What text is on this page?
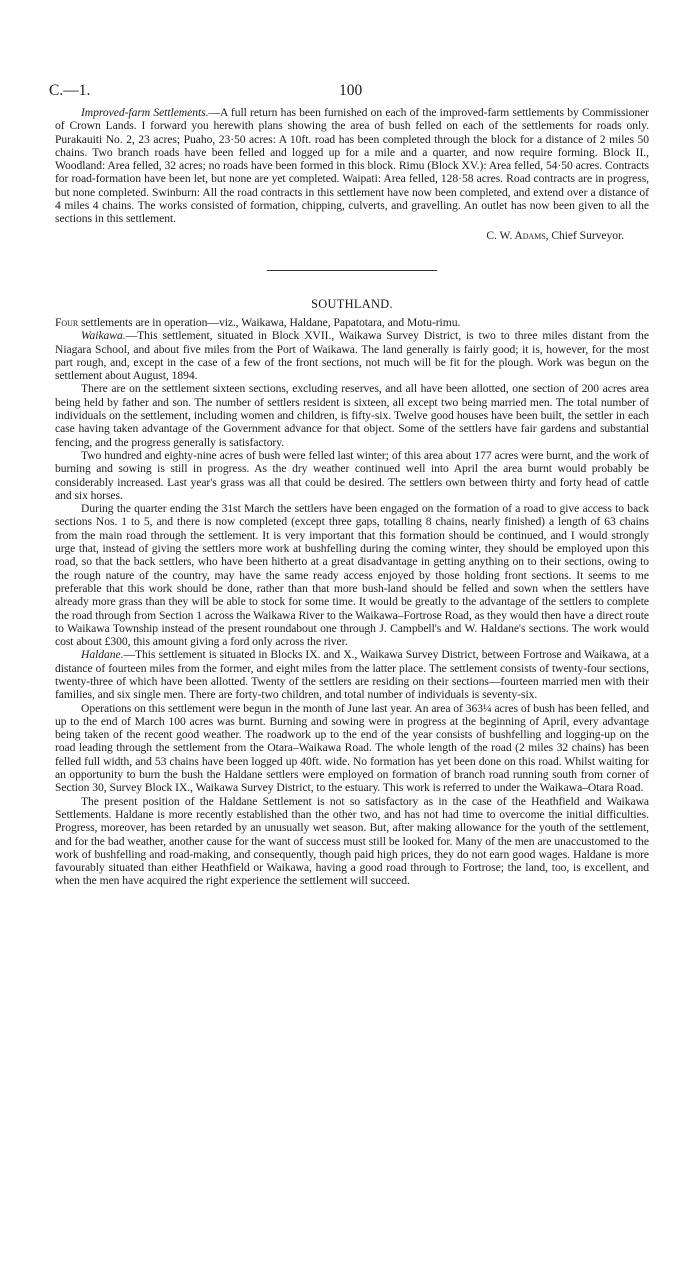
C.—1.	100

Improved-farm Settlements.—A full return has been furnished on each of the improved-farm settlements by Commissioner of Crown Lands. I forward you herewith plans showing the area of bush felled on each of the settlements for roads only. Purakauiti No. 2, 23 acres; Puaho, 23·50 acres: A 10ft. road has been completed through the block for a distance of 2 miles 50 chains. Two branch roads have been felled and logged up for a mile and a quarter, and now require forming. Block II., Woodland: Area felled, 32 acres; no roads have been formed in this block. Rimu (Block XV.): Area felled, 54·50 acres. Contracts for road-formation have been let, but none are yet completed. Waipati: Area felled, 128·58 acres. Road contracts are in progress, but none completed. Swinburn: All the road contracts in this settlement have now been completed, and extend over a distance of 4 miles 4 chains. The works consisted of formation, chipping, culverts, and gravelling. An outlet has now been given to all the sections in this settlement.

C. W. Adams, Chief Surveyor.
SOUTHLAND.

Four settlements are in operation—viz., Waikawa, Haldane, Papatotara, and Motu-rimu.

Waikawa.—This settlement, situated in Block XVII., Waikawa Survey District, is two to three miles distant from the Niagara School, and about five miles from the Port of Waikawa. The land generally is fairly good; it is, however, for the most part rough, and, except in the case of a few of the front sections, not much will be fit for the plough. Work was begun on the settlement about August, 1894.

There are on the settlement sixteen sections, excluding reserves, and all have been allotted, one section of 200 acres area being held by father and son. The number of settlers resident is sixteen, all except two being married men. The total number of individuals on the settlement, including women and children, is fifty-six. Twelve good houses have been built, the settler in each case having taken advantage of the Government advance for that object. Some of the settlers have fair gardens and substantial fencing, and the progress generally is satisfactory.

Two hundred and eighty-nine acres of bush were felled last winter; of this area about 177 acres were burnt, and the work of burning and sowing is still in progress. As the dry weather continued well into April the area burnt would probably be considerably increased. Last year's grass was all that could be desired. The settlers own between thirty and forty head of cattle and six horses.

During the quarter ending the 31st March the settlers have been engaged on the formation of a road to give access to back sections Nos. 1 to 5, and there is now completed (except three gaps, totalling 8 chains, nearly finished) a length of 63 chains from the main road through the settlement. It is very important that this formation should be continued, and I would strongly urge that, instead of giving the settlers more work at bushfelling during the coming winter, they should be employed upon this road, so that the back settlers, who have been hitherto at a great disadvantage in getting anything on to their sections, owing to the rough nature of the country, may have the same ready access enjoyed by those holding front sections. It seems to me preferable that this work should be done, rather than that more bush-land should be felled and sown when the settlers have already more grass than they will be able to stock for some time. It would be greatly to the advantage of the settlers to complete the road through from Section 1 across the Waikawa River to the Waikawa–Fortrose Road, as they would then have a direct route to Waikawa Township instead of the present roundabout one through J. Campbell's and W. Haldane's sections. The work would cost about £300, this amount giving a ford only across the river.

Haldane.—This settlement is situated in Blocks IX. and X., Waikawa Survey District, between Fortrose and Waikawa, at a distance of fourteen miles from the former, and eight miles from the latter place. The settlement consists of twenty-four sections, twenty-three of which have been allotted. Twenty of the settlers are residing on their sections—fourteen married men with their families, and six single men. There are forty-two children, and total number of individuals is seventy-six.

Operations on this settlement were begun in the month of June last year. An area of 363¼ acres of bush has been felled, and up to the end of March 100 acres was burnt. Burning and sowing were in progress at the beginning of April, every advantage being taken of the recent good weather. The roadwork up to the end of the year consists of bushfelling and logging-up on the road leading through the settlement from the Otara–Waikawa Road. The whole length of the road (2 miles 32 chains) has been felled full width, and 53 chains have been logged up 40ft. wide. No formation has yet been done on this road. Whilst waiting for an opportunity to burn the bush the Haldane settlers were employed on formation of branch road running south from corner of Section 30, Survey Block IX., Waikawa Survey District, to the estuary. This work is referred to under the Waikawa–Otara Road.

The present position of the Haldane Settlement is not so satisfactory as in the case of the Heathfield and Waikawa Settlements. Haldane is more recently established than the other two, and has not had time to overcome the initial difficulties. Progress, moreover, has been retarded by an unusually wet season. But, after making allowance for the youth of the settlement, and for the bad weather, another cause for the want of success must still be looked for. Many of the men are unaccustomed to the work of bushfelling and road-making, and consequently, though paid high prices, they do not earn good wages. Haldane is more favourably situated than either Heathfield or Waikawa, having a good road through to Fortrose; the land, too, is excellent, and when the men have acquired the right experience the settlement will succeed.
